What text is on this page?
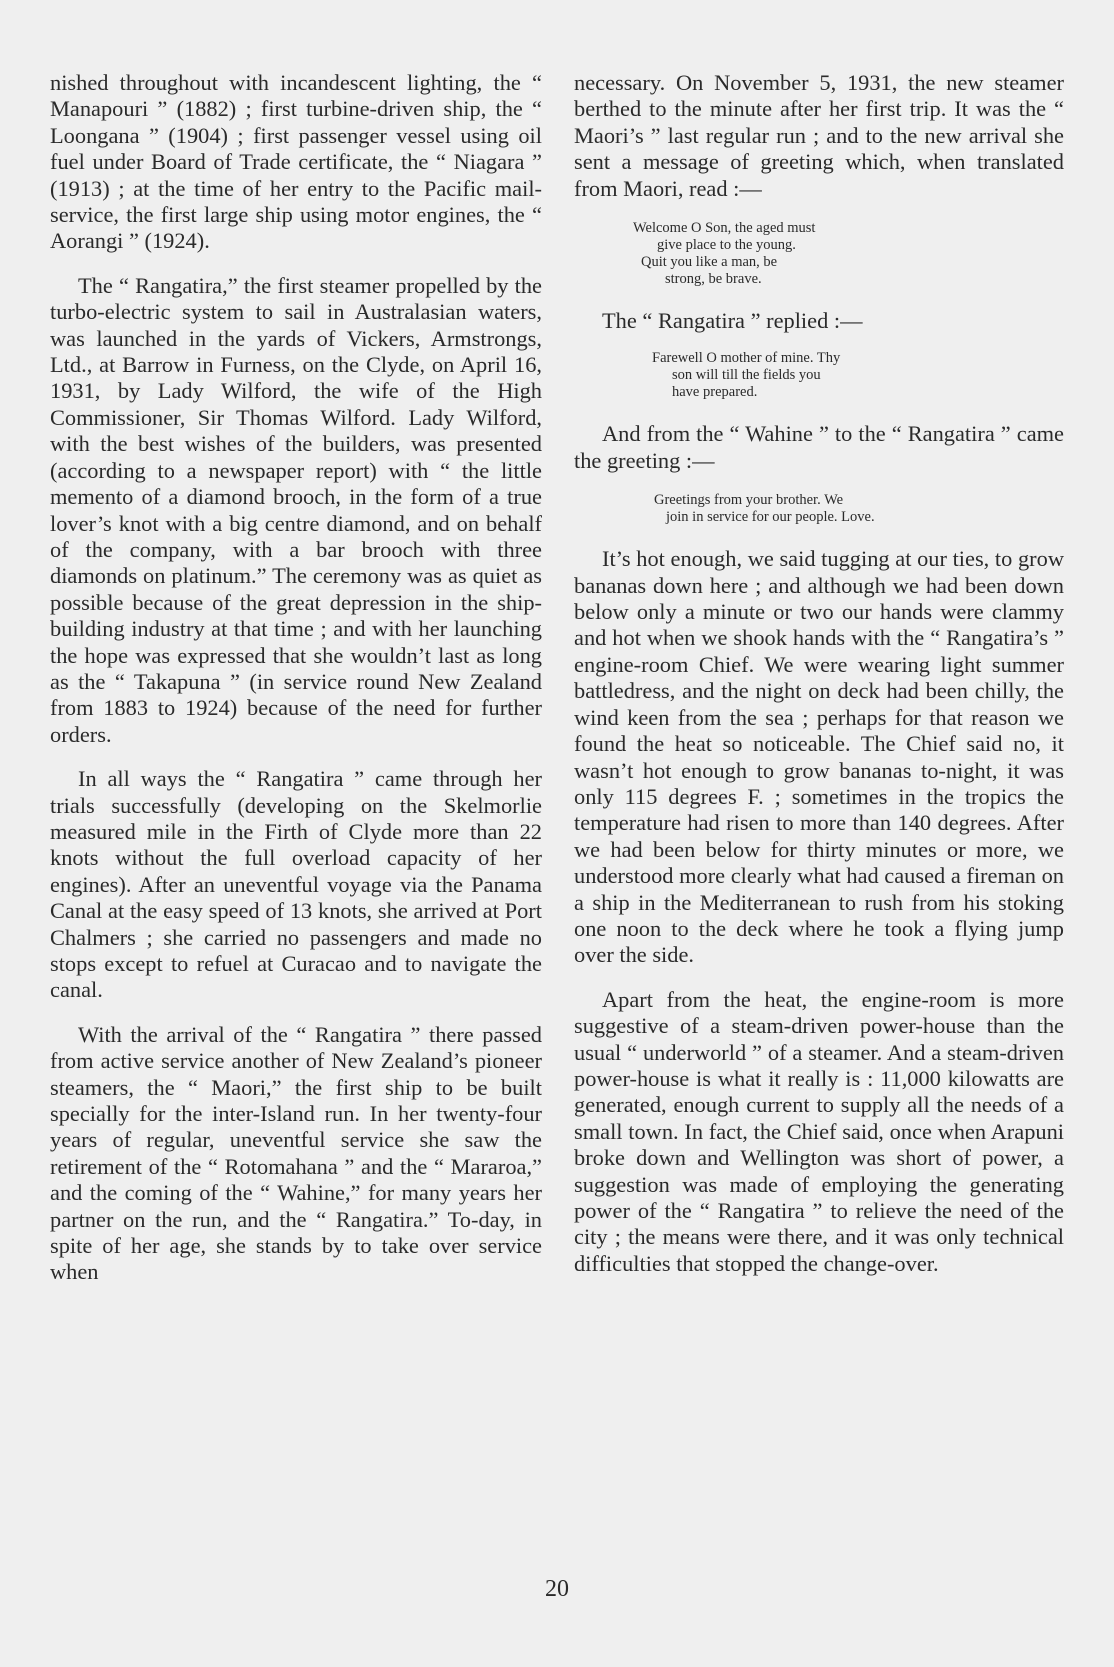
nished throughout with incandescent lighting, the “ Manapouri ” (1882) ; first turbine-driven ship, the “ Loongana ” (1904) ; first passenger vessel using oil fuel under Board of Trade certificate, the “ Niagara ” (1913) ; at the time of her entry to the Pacific mail-service, the first large ship using motor engines, the “ Aorangi ” (1924).

The “ Rangatira,” the first steamer propelled by the turbo-electric system to sail in Australasian waters, was launched in the yards of Vickers, Armstrongs, Ltd., at Barrow in Furness, on the Clyde, on April 16, 1931, by Lady Wilford, the wife of the High Commissioner, Sir Thomas Wilford. Lady Wilford, with the best wishes of the builders, was presented (according to a newspaper report) with “ the little memento of a diamond brooch, in the form of a true lover’s knot with a big centre diamond, and on behalf of the company, with a bar brooch with three diamonds on platinum.” The ceremony was as quiet as possible because of the great depression in the ship-building industry at that time ; and with her launching the hope was expressed that she wouldn’t last as long as the “ Takapuna ” (in service round New Zealand from 1883 to 1924) because of the need for further orders.

In all ways the “ Rangatira ” came through her trials successfully (developing on the Skelmorlie measured mile in the Firth of Clyde more than 22 knots without the full overload capacity of her engines). After an uneventful voyage via the Panama Canal at the easy speed of 13 knots, she arrived at Port Chalmers ; she carried no passengers and made no stops except to refuel at Curacao and to navigate the canal.

With the arrival of the “ Rangatira ” there passed from active service another of New Zealand’s pioneer steamers, the “ Maori,” the first ship to be built specially for the inter-Island run. In her twenty-four years of regular, uneventful service she saw the retirement of the “ Rotomahana ” and the “ Mararoa,” and the coming of the “ Wahine,” for many years her partner on the run, and the “ Rangatira.” To-day, in spite of her age, she stands by to take over service when

necessary. On November 5, 1931, the new steamer berthed to the minute after her first trip. It was the “ Maori’s ” last regular run ; and to the new arrival she sent a message of greeting which, when translated from Maori, read :—

Welcome O Son, the aged must
give place to the young.
Quit you like a man, be
strong, be brave.

The “ Rangatira ” replied :—

Farewell O mother of mine. Thy
son will till the fields you
have prepared.

And from the “ Wahine ” to the “ Rangatira ” came the greeting :—

Greetings from your brother. We
join in service for our people. Love.

It’s hot enough, we said tugging at our ties, to grow bananas down here ; and although we had been down below only a minute or two our hands were clammy and hot when we shook hands with the “ Rangatira’s ” engine-room Chief. We were wearing light summer battledress, and the night on deck had been chilly, the wind keen from the sea ; perhaps for that reason we found the heat so noticeable. The Chief said no, it wasn’t hot enough to grow bananas to-night, it was only 115 degrees F. ; sometimes in the tropics the temperature had risen to more than 140 degrees. After we had been below for thirty minutes or more, we understood more clearly what had caused a fireman on a ship in the Mediterranean to rush from his stoking one noon to the deck where he took a flying jump over the side.

Apart from the heat, the engine-room is more suggestive of a steam-driven power-house than the usual “ underworld ” of a steamer. And a steam-driven power-house is what it really is : 11,000 kilowatts are generated, enough current to supply all the needs of a small town. In fact, the Chief said, once when Arapuni broke down and Wellington was short of power, a suggestion was made of employing the generating power of the “ Rangatira ” to relieve the need of the city ; the means were there, and it was only technical difficulties that stopped the change-over.

20
